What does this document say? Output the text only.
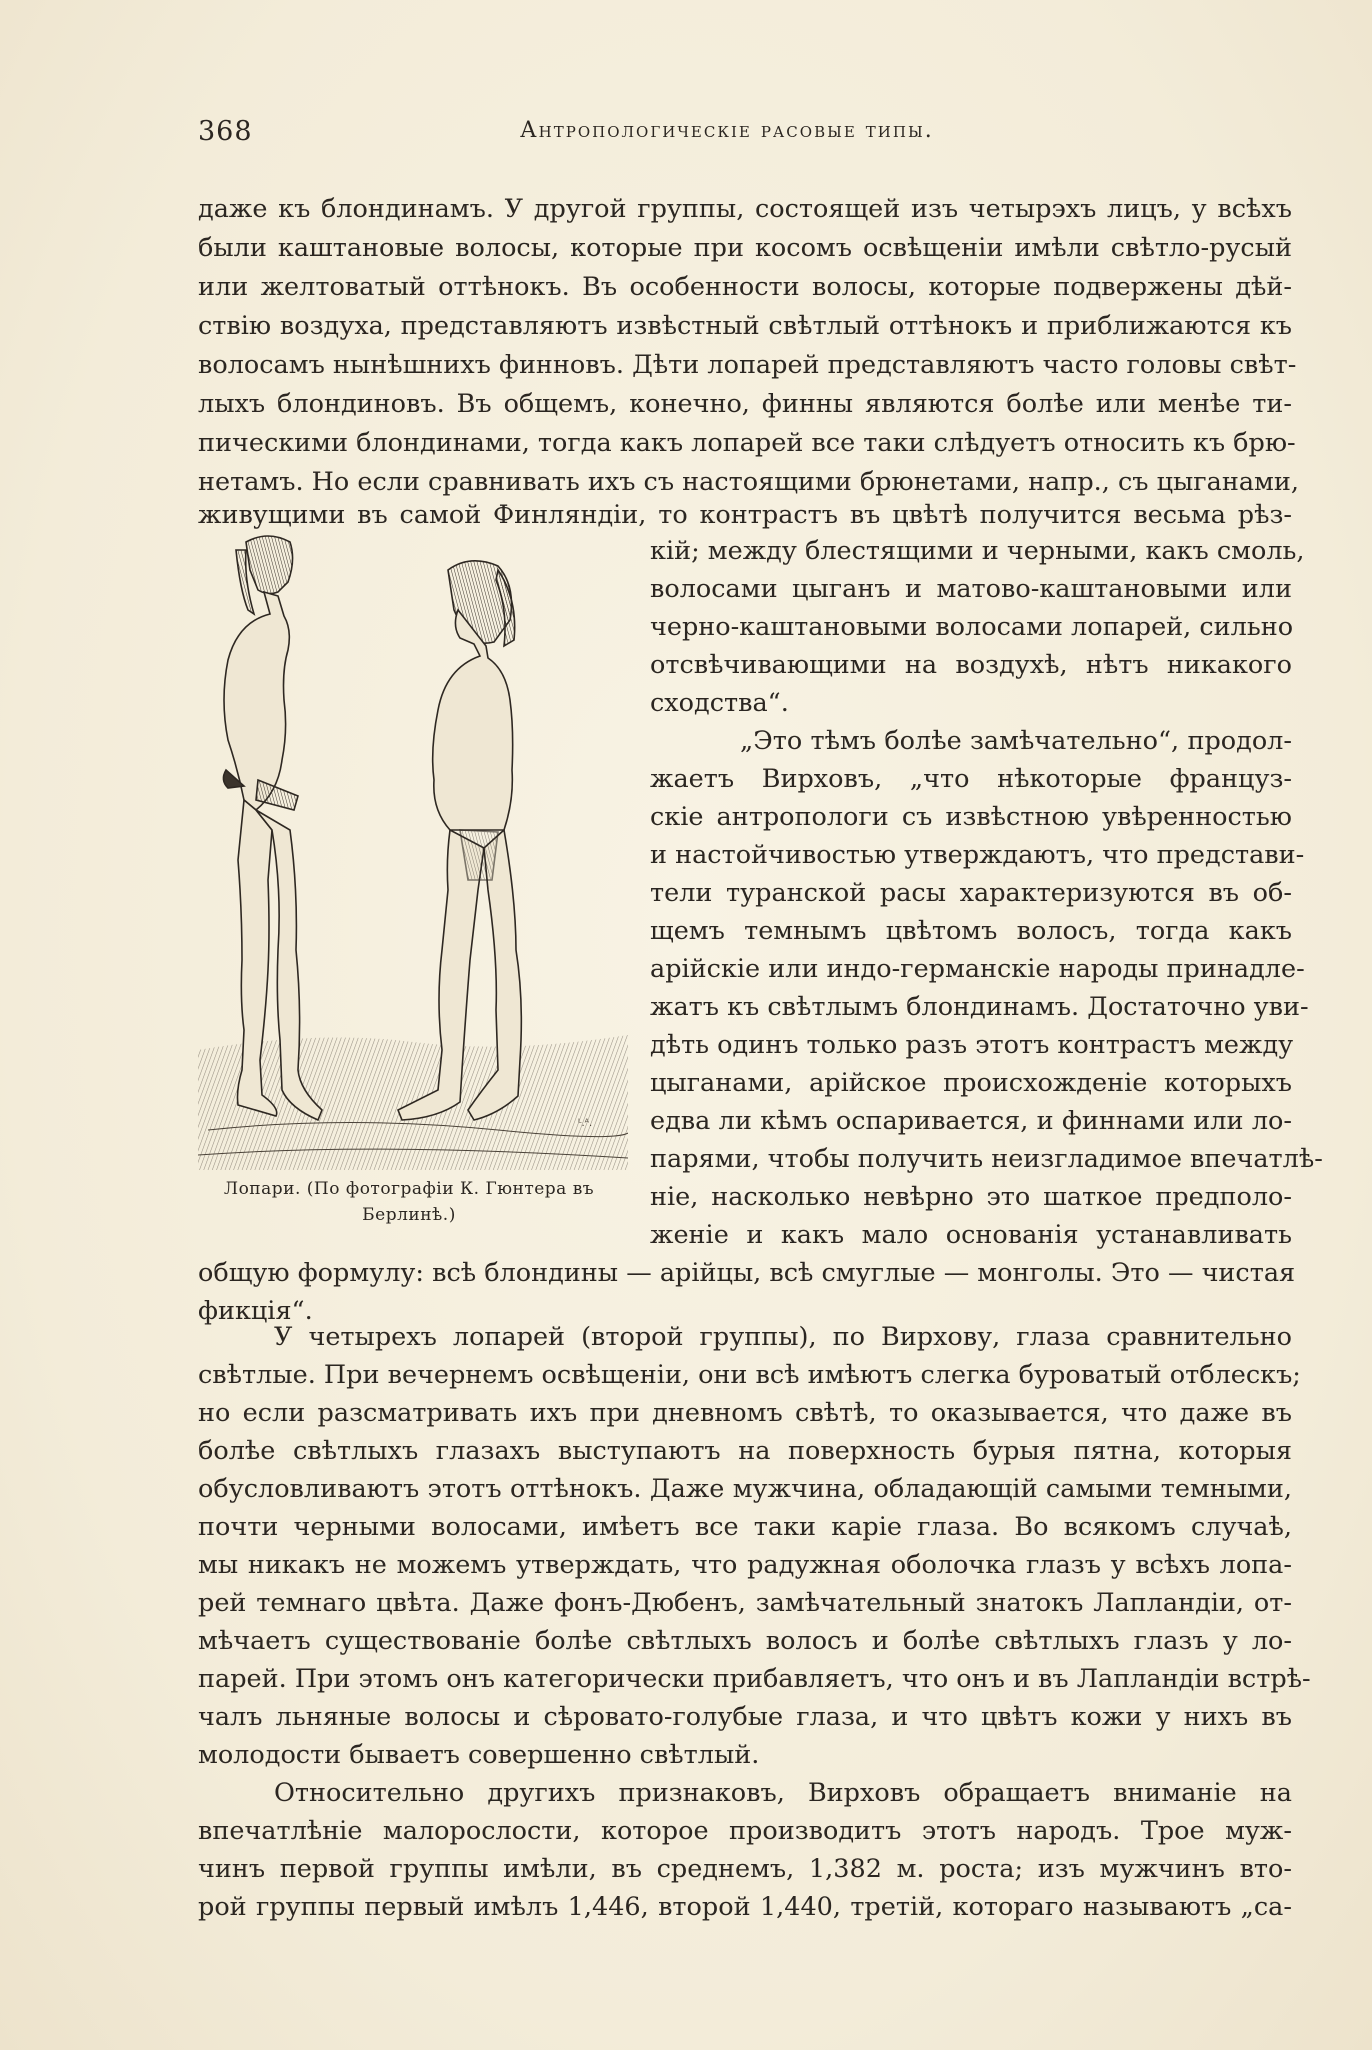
368	Антропологическіе расовые типы.
даже къ блондинамъ. У другой группы, состоящей изъ четырэхъ лицъ, у всѣхъ
были каштановые волосы, которые при косомъ освѣщеніи имѣли свѣтло-русый
или желтоватый оттѣнокъ. Въ особенности волосы, которые подвержены дѣй-
ствію воздуха, представляютъ извѣстный свѣтлый оттѣнокъ и приближаются къ
волосамъ нынѣшнихъ финновъ. Дѣти лопарей представляютъ часто головы свѣт-
лыхъ блондиновъ. Въ общемъ, конечно, финны являются болѣе или менѣе ти-
пическими блондинами, тогда какъ лопарей все таки слѣдуетъ относить къ брю-
нетамъ. Но если сравнивать ихъ съ настоящими брюнетами, напр., съ цыганами,
живущими въ самой Финляндіи, то контрастъ въ цвѣтѣ получится весьма рѣз-
ᴸ.ᴬ.
Лопари. (По фотографіи К. Гюнтера въ
Берлинѣ.)
кій; между блестящими и черными, какъ смоль,
волосами цыганъ и матово-каштановыми или
черно-каштановыми волосами лопарей, сильно
отсвѣчивающими на воздухѣ, нѣтъ никакого
сходства“.
„Это тѣмъ болѣе замѣчательно“, продол-
жаетъ Вирховъ, „что нѣкоторые француз-
скіе антропологи съ извѣстною увѣренностью
и настойчивостью утверждаютъ, что представи-
тели туранской расы характеризуются въ об-
щемъ темнымъ цвѣтомъ волосъ, тогда какъ
арійскіе или индо-германскіе народы принадле-
жатъ къ свѣтлымъ блондинамъ. Достаточно уви-
дѣть одинъ только разъ этотъ контрастъ между
цыганами, арійское происхожденіе которыхъ
едва ли кѣмъ оспаривается, и финнами или ло-
парями, чтобы получить неизгладимое впечатлѣ-
ніе, насколько невѣрно это шаткое предполо-
женіе и какъ мало основанія устанавливать
общую формулу: всѣ блондины — арійцы, всѣ смуглые — монголы. Это — чистая
фикція“.
У четырехъ лопарей (второй группы), по Вирхову, глаза сравнительно
свѣтлые. При вечернемъ освѣщеніи, они всѣ имѣютъ слегка буроватый отблескъ;
но если разсматривать ихъ при дневномъ свѣтѣ, то оказывается, что даже въ
болѣе свѣтлыхъ глазахъ выступаютъ на поверхность бурыя пятна, которыя
обусловливаютъ этотъ оттѣнокъ. Даже мужчина, обладающій самыми темными,
почти черными волосами, имѣетъ все таки каріе глаза. Во всякомъ случаѣ,
мы никакъ не можемъ утверждать, что радужная оболочка глазъ у всѣхъ лопа-
рей темнаго цвѣта. Даже фонъ-Дюбенъ, замѣчательный знатокъ Лапландіи, от-
мѣчаетъ существованіе болѣе свѣтлыхъ волосъ и болѣе свѣтлыхъ глазъ у ло-
парей. При этомъ онъ категорически прибавляетъ, что онъ и въ Лапландіи встрѣ-
чалъ льняные волосы и сѣровато-голубые глаза, и что цвѣтъ кожи у нихъ въ
молодости бываетъ совершенно свѣтлый.
Относительно другихъ признаковъ, Вирховъ обращаетъ вниманіе на
впечатлѣніе малорослости, которое производитъ этотъ народъ. Трое муж-
чинъ первой группы имѣли, въ среднемъ, 1,382 м. роста; изъ мужчинъ вто-
рой группы первый имѣлъ 1,446, второй 1,440, третій, котораго называютъ „са-
